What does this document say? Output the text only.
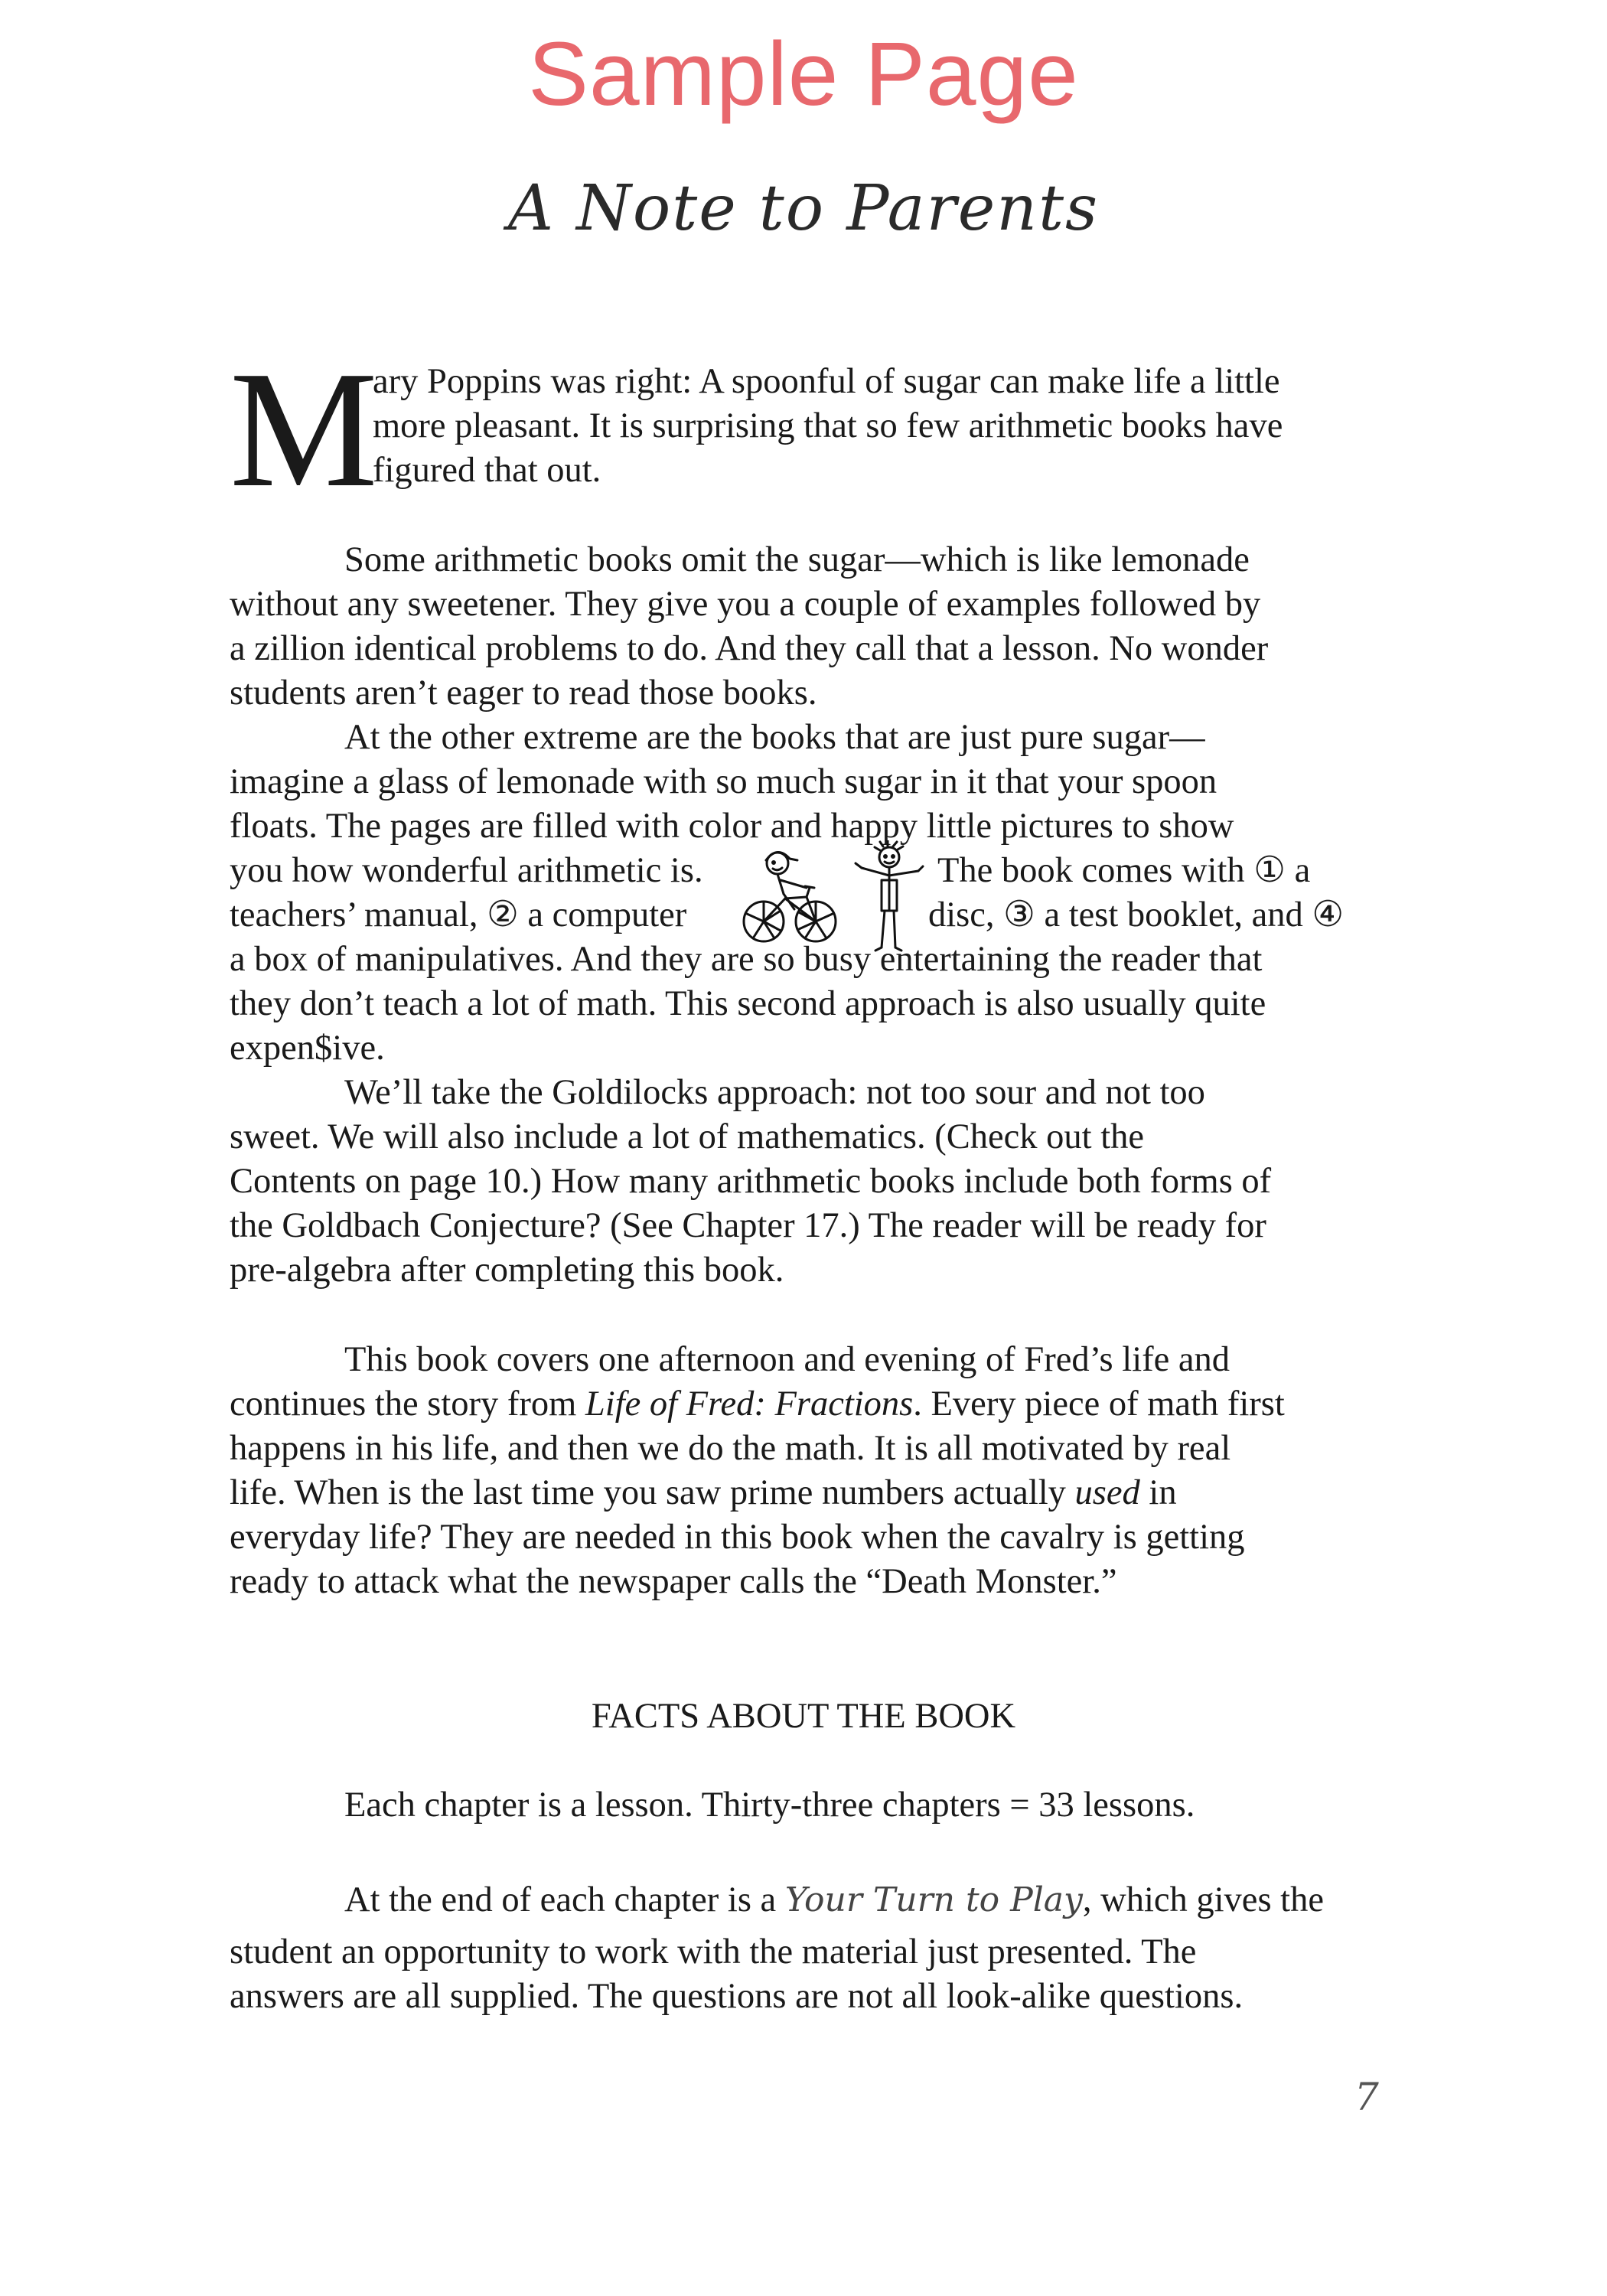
Sample Page
A Note to Parents
M
ary Poppins was right: A spoonful of sugar can make life a little
more pleasant. It is surprising that so few arithmetic books have
figured that out.
Some arithmetic books omit the sugar—which is like lemonade
without any sweetener. They give you a couple of examples followed by
a zillion identical problems to do. And they call that a lesson. No wonder
students aren’t eager to read those books.
At the other extreme are the books that are just pure sugar—
imagine a glass of lemonade with so much sugar in it that your spoon
floats. The pages are filled with color and happy little pictures to show
you how wonderful arithmetic is.	The book comes with ① a
teachers’ manual, ② a computer	disc, ③ a test booklet, and ④
a box of manipulatives. And they are so busy entertaining the reader that
they don’t teach a lot of math. This second approach is also usually quite
expen$ive.
We’ll take the Goldilocks approach: not too sour and not too
sweet. We will also include a lot of mathematics. (Check out the
Contents on page 10.) How many arithmetic books include both forms of
the Goldbach Conjecture? (See Chapter 17.) The reader will be ready for
pre-algebra after completing this book.
This book covers one afternoon and evening of Fred’s life and
continues the story from Life of Fred: Fractions. Every piece of math first
happens in his life, and then we do the math. It is all motivated by real
life. When is the last time you saw prime numbers actually used in
everyday life? They are needed in this book when the cavalry is getting
ready to attack what the newspaper calls the “Death Monster.”
FACTS ABOUT THE BOOK
Each chapter is a lesson. Thirty-three chapters = 33 lessons.
At the end of each chapter is a Your Turn to Play, which gives the
student an opportunity to work with the material just presented. The
answers are all supplied. The questions are not all look-alike questions.
7
